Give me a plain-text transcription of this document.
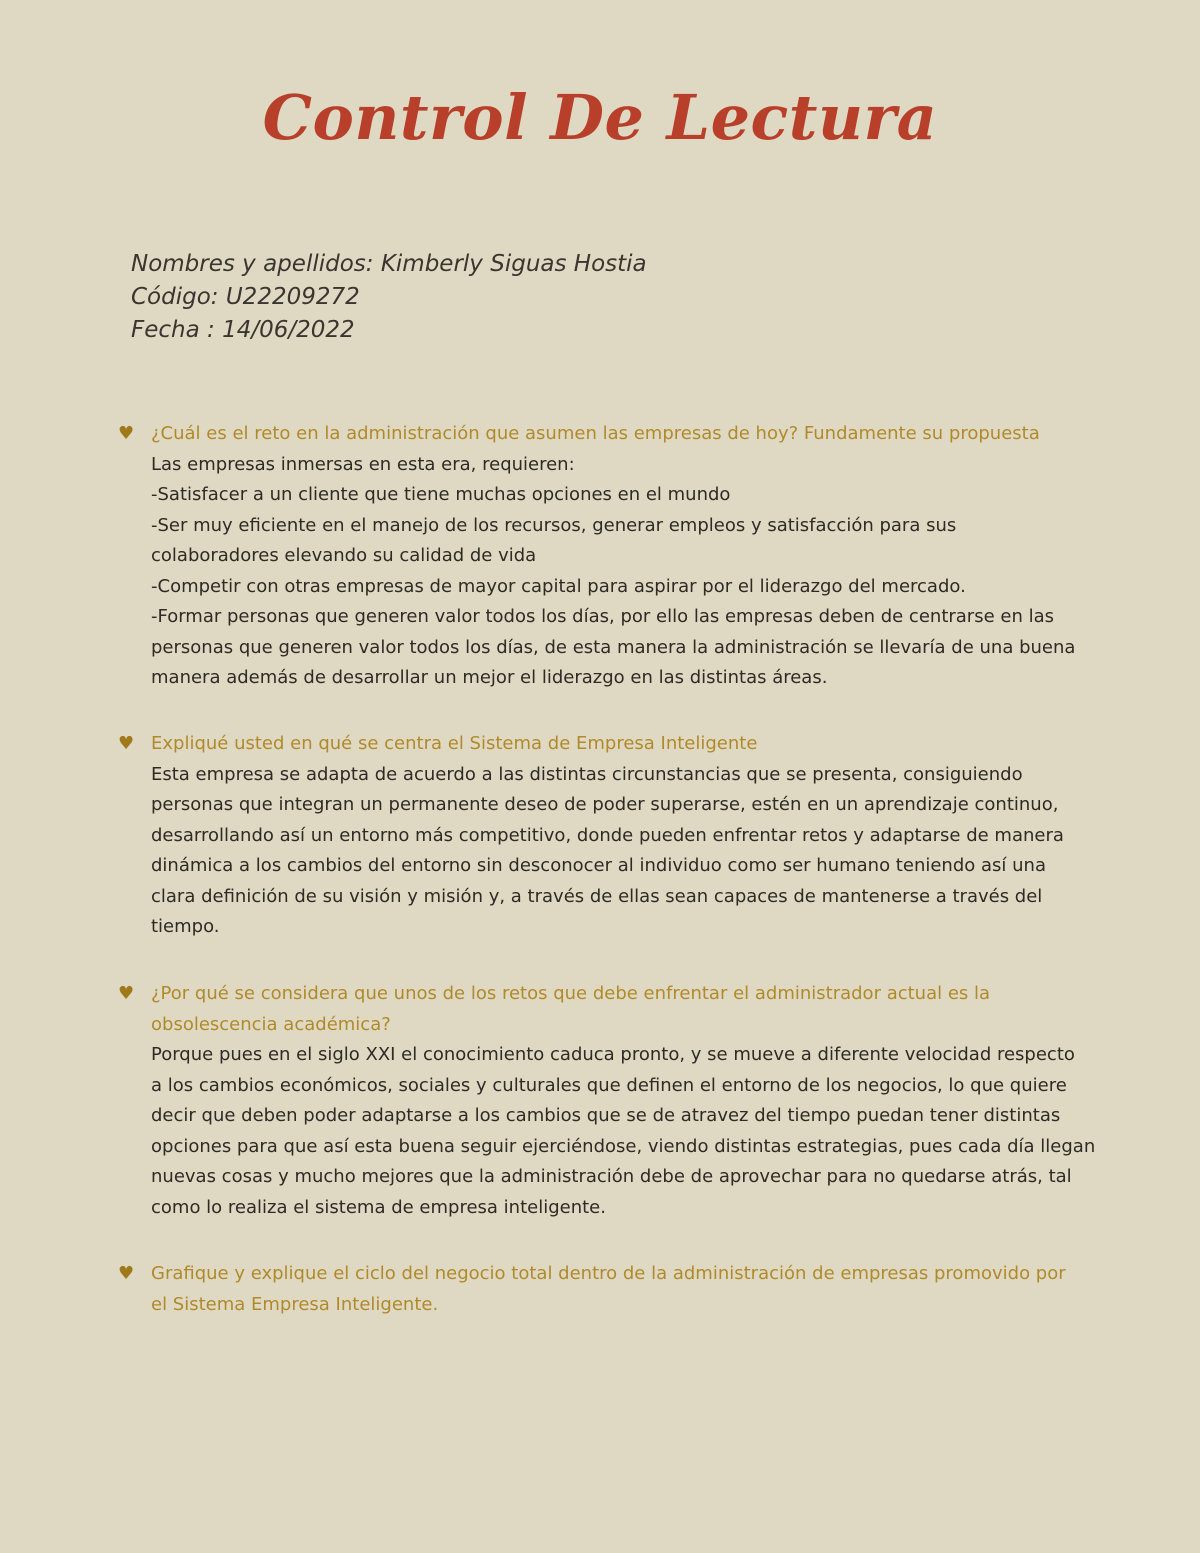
Control De Lectura
Nombres y apellidos: Kimberly Siguas Hostia
Código: U22209272
Fecha : 14/06/2022
♥ ¿Cuál es el reto en la administración que asumen las empresas de hoy? Fundamente su propuesta
Las empresas inmersas en esta era, requieren:
-Satisfacer a un cliente que tiene muchas opciones en el mundo
-Ser muy eficiente en el manejo de los recursos, generar empleos y satisfacción para sus
colaboradores elevando su calidad de vida
-Competir con otras empresas de mayor capital para aspirar por el liderazgo del mercado.
-Formar personas que generen valor todos los días, por ello las empresas deben de centrarse en las
personas que generen valor todos los días, de esta manera la administración se llevaría de una buena
manera además de desarrollar un mejor el liderazgo en las distintas áreas.
♥ Expliqué usted en qué se centra el Sistema de Empresa Inteligente
Esta empresa se adapta de acuerdo a las distintas circunstancias que se presenta, consiguiendo
personas que integran un permanente deseo de poder superarse, estén en un aprendizaje continuo,
desarrollando así un entorno más competitivo, donde pueden enfrentar retos y adaptarse de manera
dinámica a los cambios del entorno sin desconocer al individuo como ser humano teniendo así una
clara definición de su visión y misión y, a través de ellas sean capaces de mantenerse a través del
tiempo.
♥ ¿Por qué se considera que unos de los retos que debe enfrentar el administrador actual es la
obsolescencia académica?
Porque pues en el siglo XXI el conocimiento caduca pronto, y se mueve a diferente velocidad respecto
a los cambios económicos, sociales y culturales que definen el entorno de los negocios, lo que quiere
decir que deben poder adaptarse a los cambios que se de atravez del tiempo puedan tener distintas
opciones para que así esta buena seguir ejerciéndose, viendo distintas estrategias, pues cada día llegan
nuevas cosas y mucho mejores que la administración debe de aprovechar para no quedarse atrás, tal
como lo realiza el sistema de empresa inteligente.
♥ Grafique y explique el ciclo del negocio total dentro de la administración de empresas promovido por
el Sistema Empresa Inteligente.
